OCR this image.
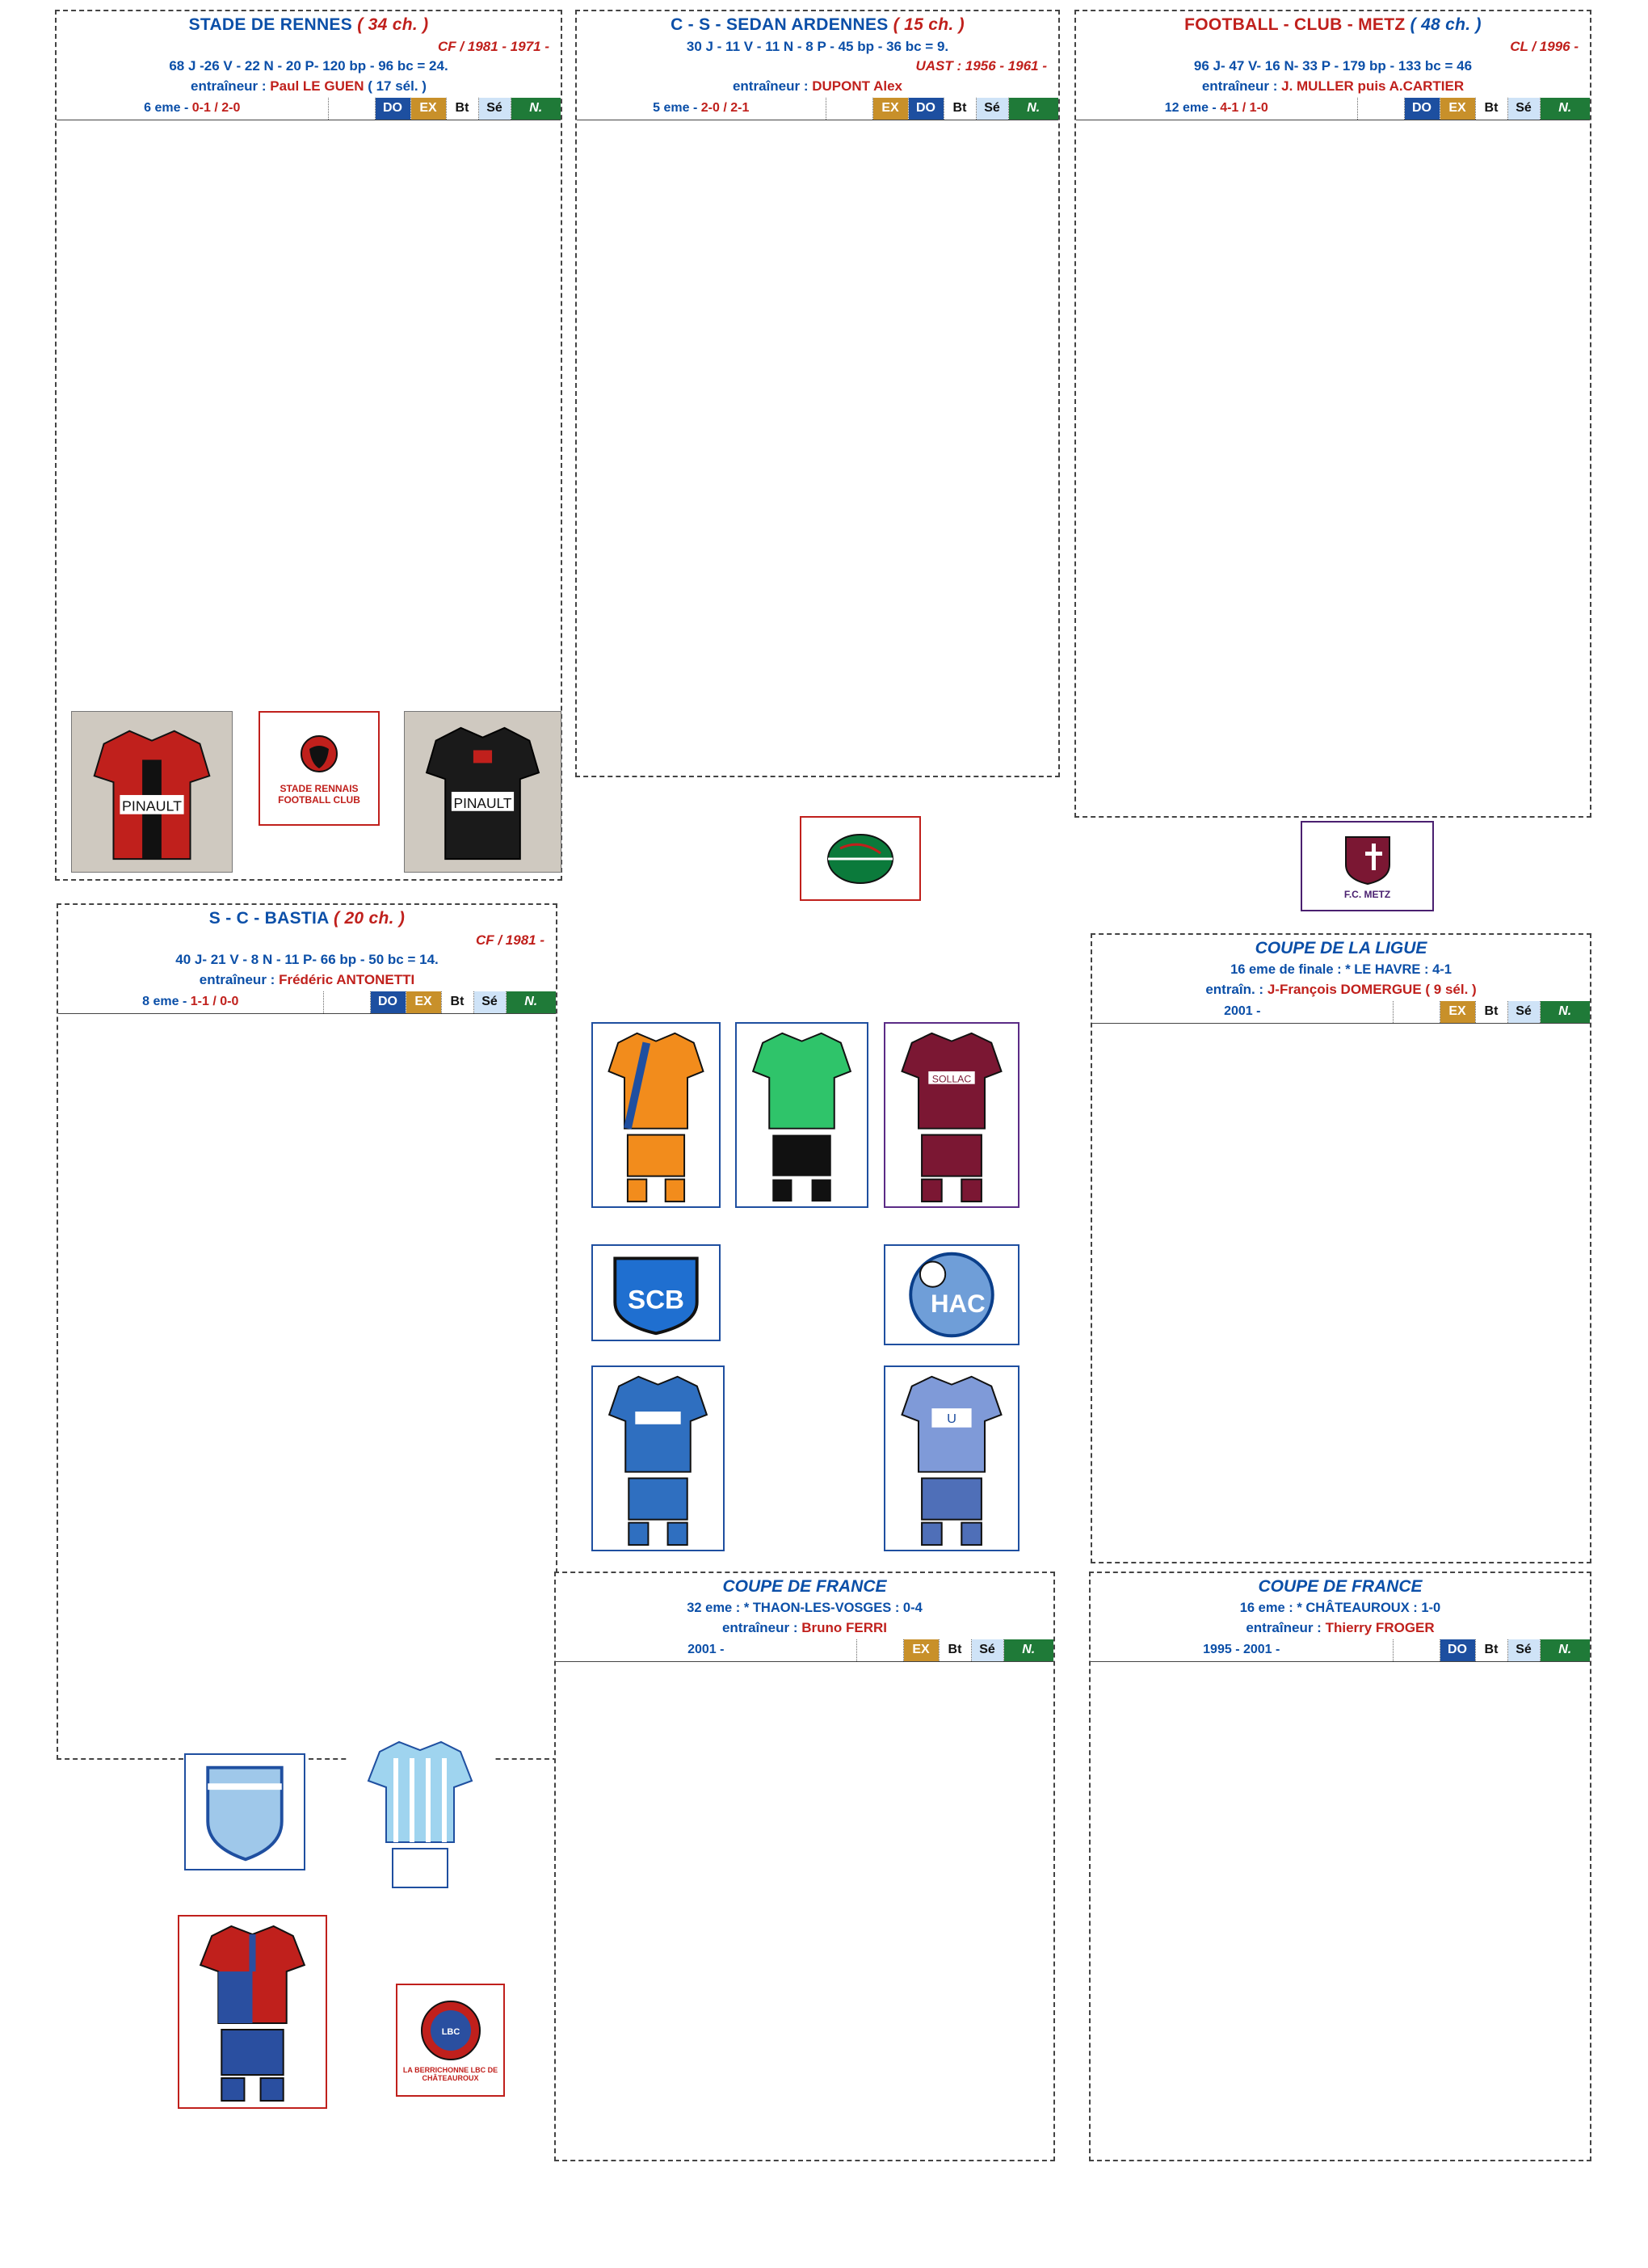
STADE DE RENNES ( 34 ch. )
CF / 1981 - 1971 -
68 J -26 V - 22 N - 20 P- 120 bp - 96 bc = 24.
entraîneur : Paul LE GUEN ( 17 sél. )
6 eme - 0-1 / 2-0		DO	EX	Bt	Sé	N.
PINAULT
STADE RENNAIS FOOTBALL CLUB	PINAULT
C - S - SEDAN ARDENNES ( 15 ch. )
30 J - 11 V - 11 N - 8 P - 45 bp - 36 bc = 9.
UAST : 1956 - 1961 -
entraîneur : DUPONT Alex
5 eme - 2-0 / 2-1		EX	DO	Bt	Sé	N.
FOOTBALL - CLUB - METZ ( 48 ch. )
CL / 1996 -
96 J- 47 V- 16 N- 33 P - 179 bp - 133 bc = 46
entraîneur : J. MULLER puis A.CARTIER
12 eme - 4-1 / 1-0		DO	EX	Bt	Sé	N.
F.C. METZ
S - C - BASTIA ( 20 ch. )
CF / 1981 -
40 J- 21 V - 8 N - 11 P- 66 bp - 50 bc = 14.
entraîneur : Frédéric ANTONETTI
8 eme - 1-1 / 0-0		DO	EX	Bt	Sé	N.
SOLLAC
SCB	HAC
U
LBC
LA BERRICHONNE LBC DE CHÂTEAUROUX
COUPE DE LA LIGUE
16 eme de finale : * LE HAVRE : 4-1
entraîn. : J-François DOMERGUE ( 9 sél. )
2001 -		EX	Bt	Sé	N.
COUPE DE FRANCE
32 eme : * THAON-LES-VOSGES : 0-4
entraîneur : Bruno FERRI
2001 -		EX	Bt	Sé	N.
COUPE DE FRANCE
16 eme : * CHÂTEAUROUX : 1-0
entraîneur : Thierry FROGER
1995 - 2001 -		DO	Bt	Sé	N.
